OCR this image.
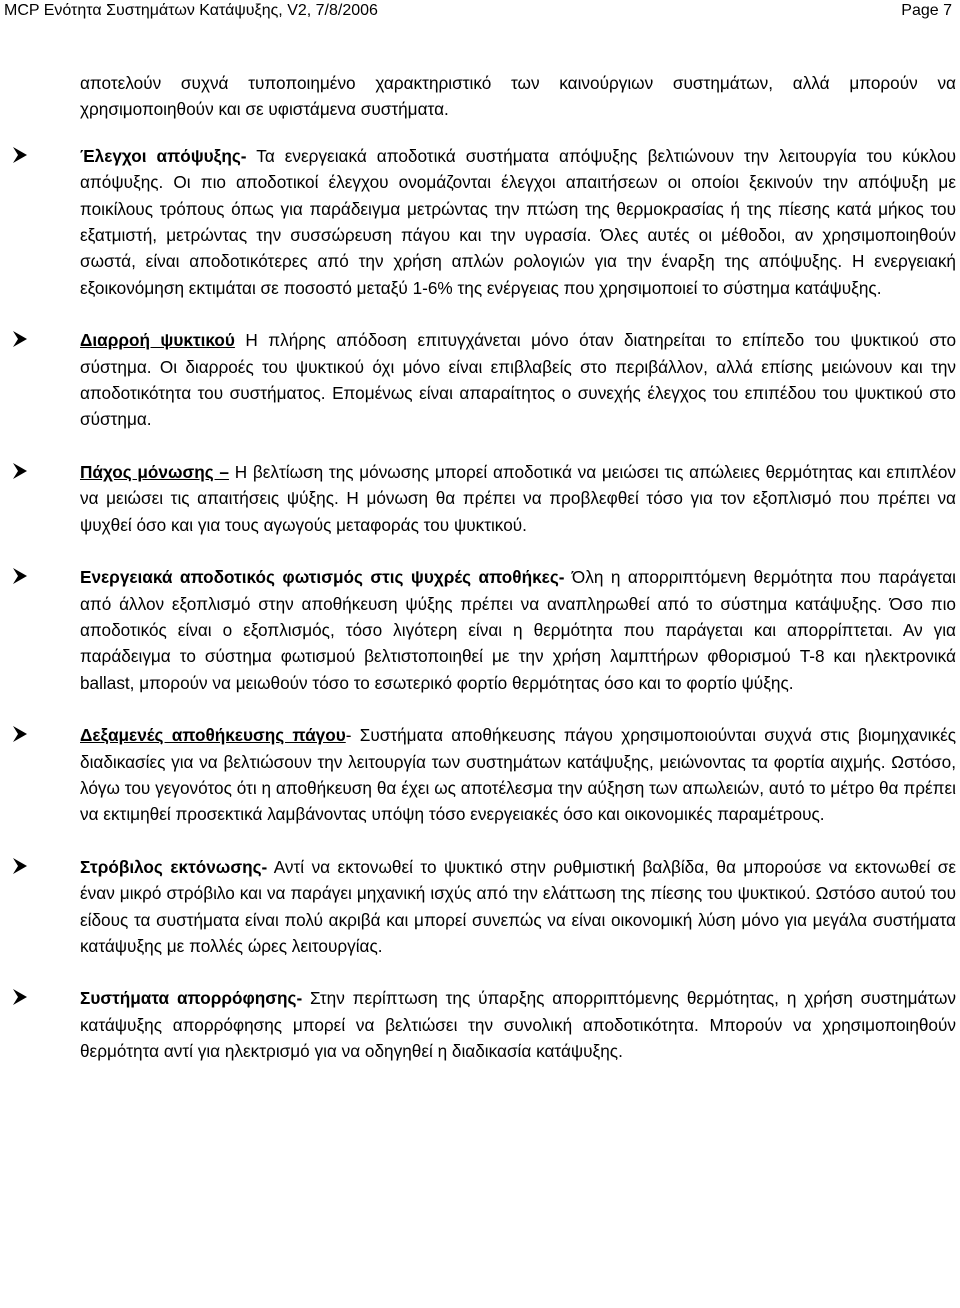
MCP Ενότητα Συστημάτων Κατάψυξης, V2, 7/8/2006	Page 7

αποτελούν συχνά τυποποιημένο χαρακτηριστικό των καινούργιων συστημάτων, αλλά μπορούν να χρησιμοποιηθούν και σε υφιστάμενα συστήματα.

Έλεγχοι απόψυξης- Τα ενεργειακά αποδοτικά συστήματα απόψυξης βελτιώνουν την λειτουργία του κύκλου απόψυξης. Οι πιο αποδοτικοί έλεγχου ονομάζονται έλεγχοι απαιτήσεων οι οποίοι ξεκινούν την απόψυξη με ποικίλους τρόπους όπως για παράδειγμα μετρώντας την πτώση της θερμοκρασίας ή της πίεσης κατά μήκος του εξατμιστή, μετρώντας την συσσώρευση πάγου και την υγρασία. Όλες αυτές οι μέθοδοι, αν χρησιμοποιηθούν σωστά, είναι αποδοτικότερες από την χρήση απλών ρολογιών για την έναρξη της απόψυξης. Η ενεργειακή εξοικονόμηση εκτιμάται σε ποσοστό μεταξύ 1-6% της ενέργειας που χρησιμοποιεί το σύστημα κατάψυξης.
Διαρροή ψυκτικού Η πλήρης απόδοση επιτυγχάνεται μόνο όταν διατηρείται το επίπεδο του ψυκτικού στο σύστημα. Οι διαρροές του ψυκτικού όχι μόνο είναι επιβλαβείς στο περιβάλλον, αλλά επίσης μειώνουν και την αποδοτικότητα του συστήματος. Επομένως είναι απαραίτητος ο συνεχής έλεγχος του επιπέδου του ψυκτικού στο σύστημα.
Πάχος μόνωσης – Η βελτίωση της μόνωσης μπορεί αποδοτικά να μειώσει τις απώλειες θερμότητας και επιπλέον να μειώσει τις απαιτήσεις ψύξης. Η μόνωση θα πρέπει να προβλεφθεί τόσο για τον εξοπλισμό που πρέπει να ψυχθεί όσο και για τους αγωγούς μεταφοράς του ψυκτικού.
Ενεργειακά αποδοτικός φωτισμός στις ψυχρές αποθήκες- Όλη η απορριπτόμενη θερμότητα που παράγεται από άλλον εξοπλισμό στην αποθήκευση ψύξης πρέπει να αναπληρωθεί από το σύστημα κατάψυξης. Όσο πιο αποδοτικός είναι ο εξοπλισμός, τόσο λιγότερη είναι η θερμότητα που παράγεται και απορρίπτεται. Αν για παράδειγμα το σύστημα φωτισμού βελτιστοποιηθεί με την χρήση λαμπτήρων φθορισμού T-8 και ηλεκτρονικά ballast, μπορούν να μειωθούν τόσο το εσωτερικό φορτίο θερμότητας όσο και το φορτίο ψύξης.
Δεξαμενές αποθήκευσης πάγου- Συστήματα αποθήκευσης πάγου χρησιμοποιούνται συχνά στις βιομηχανικές διαδικασίες για να βελτιώσουν την λειτουργία των συστημάτων κατάψυξης, μειώνοντας τα φορτία αιχμής. Ωστόσο, λόγω του γεγονότος ότι η αποθήκευση θα έχει ως αποτέλεσμα την αύξηση των απωλειών, αυτό το μέτρο θα πρέπει να εκτιμηθεί προσεκτικά λαμβάνοντας υπόψη τόσο ενεργειακές όσο και οικονομικές παραμέτρους.
Στρόβιλος εκτόνωσης- Αντί να εκτονωθεί το ψυκτικό στην ρυθμιστική βαλβίδα, θα μπορούσε να εκτονωθεί σε έναν μικρό στρόβιλο και να παράγει μηχανική ισχύς από την ελάττωση της πίεσης του ψυκτικού. Ωστόσο αυτού του είδους τα συστήματα είναι πολύ ακριβά και μπορεί συνεπώς να είναι οικονομική λύση μόνο για μεγάλα συστήματα κατάψυξης με πολλές ώρες λειτουργίας.
Συστήματα απορρόφησης- Στην περίπτωση της ύπαρξης απορριπτόμενης θερμότητας, η χρήση συστημάτων κατάψυξης απορρόφησης μπορεί να βελτιώσει την συνολική αποδοτικότητα. Μπορούν να χρησιμοποιηθούν θερμότητα αντί για ηλεκτρισμό για να οδηγηθεί η διαδικασία κατάψυξης.
